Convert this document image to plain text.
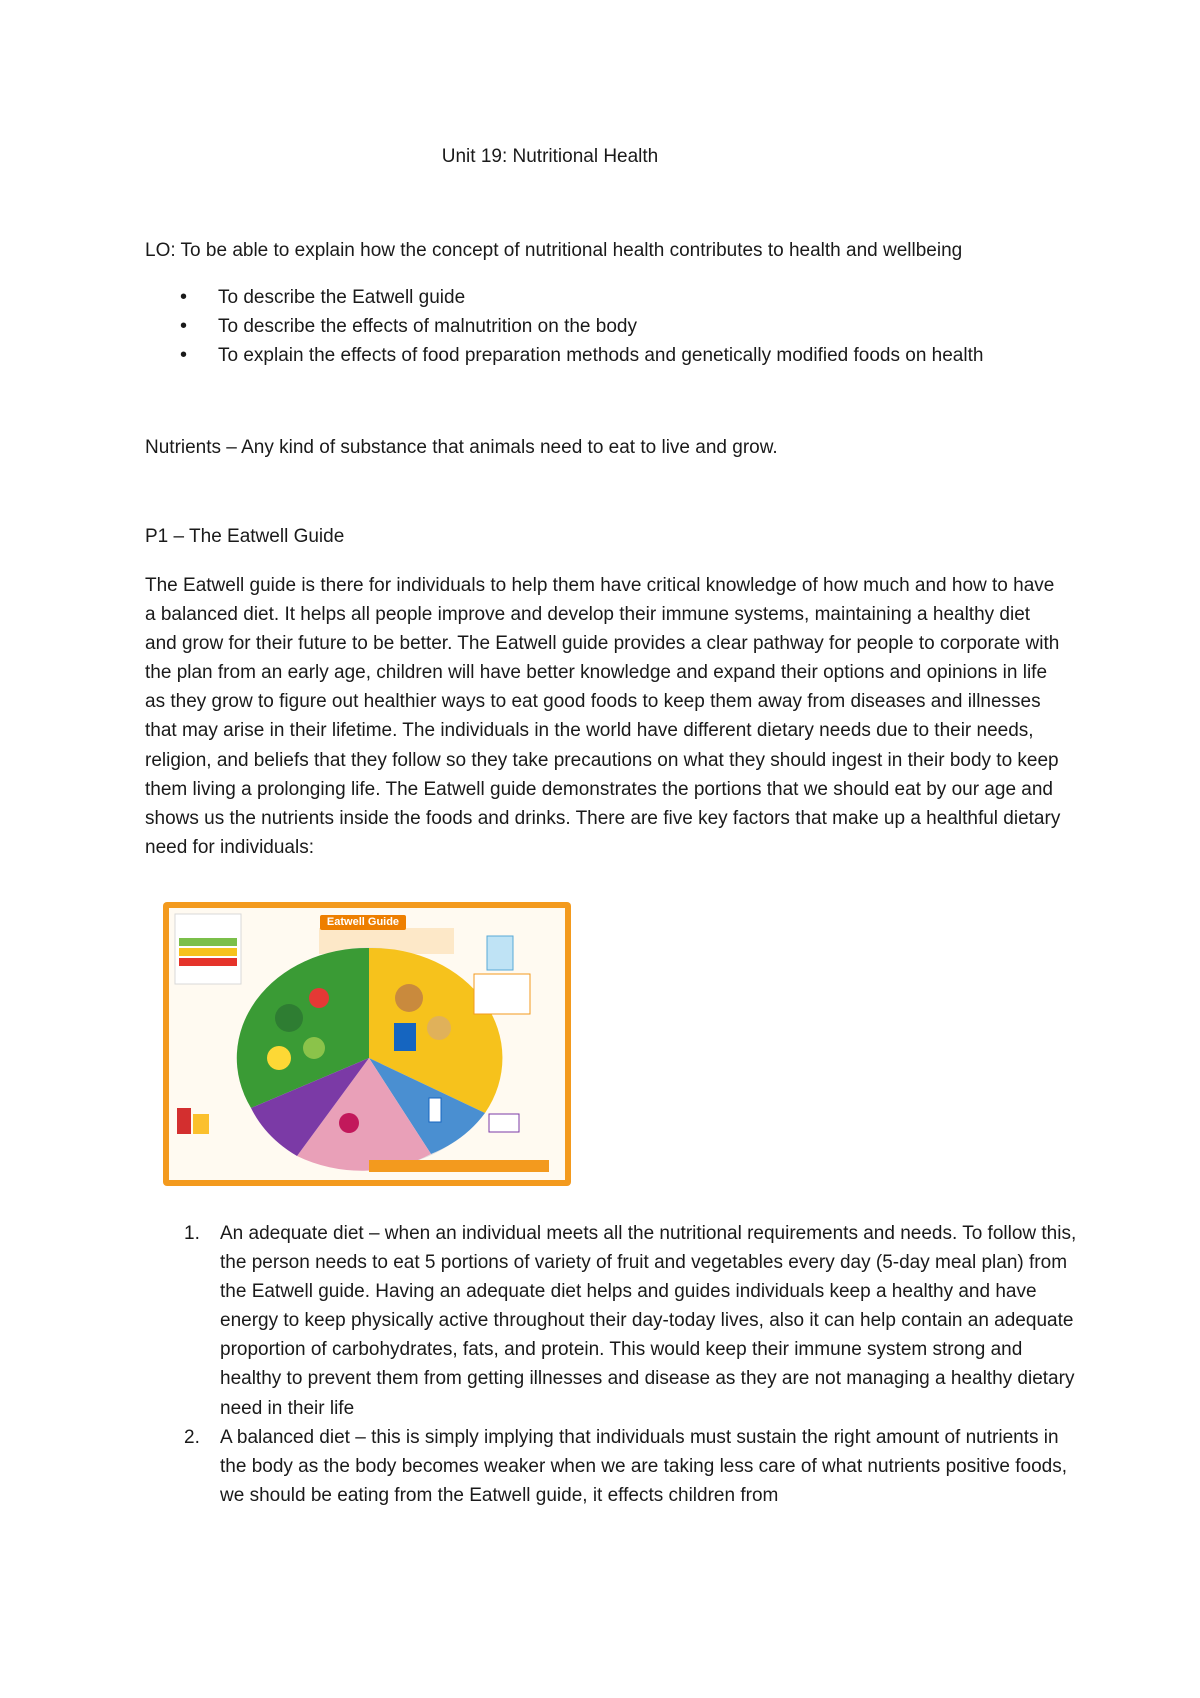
Unit 19: Nutritional Health
LO: To be able to explain how the concept of nutritional health contributes to health and wellbeing
• To describe the Eatwell guide
• To describe the effects of malnutrition on the body
• To explain the effects of food preparation methods and genetically modified foods on health
Nutrients – Any kind of substance that animals need to eat to live and grow.
P1 – The Eatwell Guide

The Eatwell guide is there for individuals to help them have critical knowledge of how much and how to have a balanced diet. It helps all people improve and develop their immune systems, maintaining a healthy diet and grow for their future to be better. The Eatwell guide provides a clear pathway for people to corporate with the plan from an early age, children will have better knowledge and expand their options and opinions in life as they grow to figure out healthier ways to eat good foods to keep them away from diseases and illnesses that may arise in their lifetime. The individuals in the world have different dietary needs due to their needs, religion, and beliefs that they follow so they take precautions on what they should ingest in their body to keep them living a prolonging life. The Eatwell guide demonstrates the portions that we should eat by our age and shows us the nutrients inside the foods and drinks. There are five key factors that make up a healthful dietary need for individuals:

Eatwell Guide
1. An adequate diet – when an individual meets all the nutritional requirements and needs. To follow this, the person needs to eat 5 portions of variety of fruit and vegetables every day (5-day meal plan) from the Eatwell guide. Having an adequate diet helps and guides individuals keep a healthy and have energy to keep physically active throughout their day-today lives, also it can help contain an adequate proportion of carbohydrates, fats, and protein. This would keep their immune system strong and healthy to prevent them from getting illnesses and disease as they are not managing a healthy dietary need in their life
2. A balanced diet – this is simply implying that individuals must sustain the right amount of nutrients in the body as the body becomes weaker when we are taking less care of what nutrients positive foods, we should be eating from the Eatwell guide, it effects children from
